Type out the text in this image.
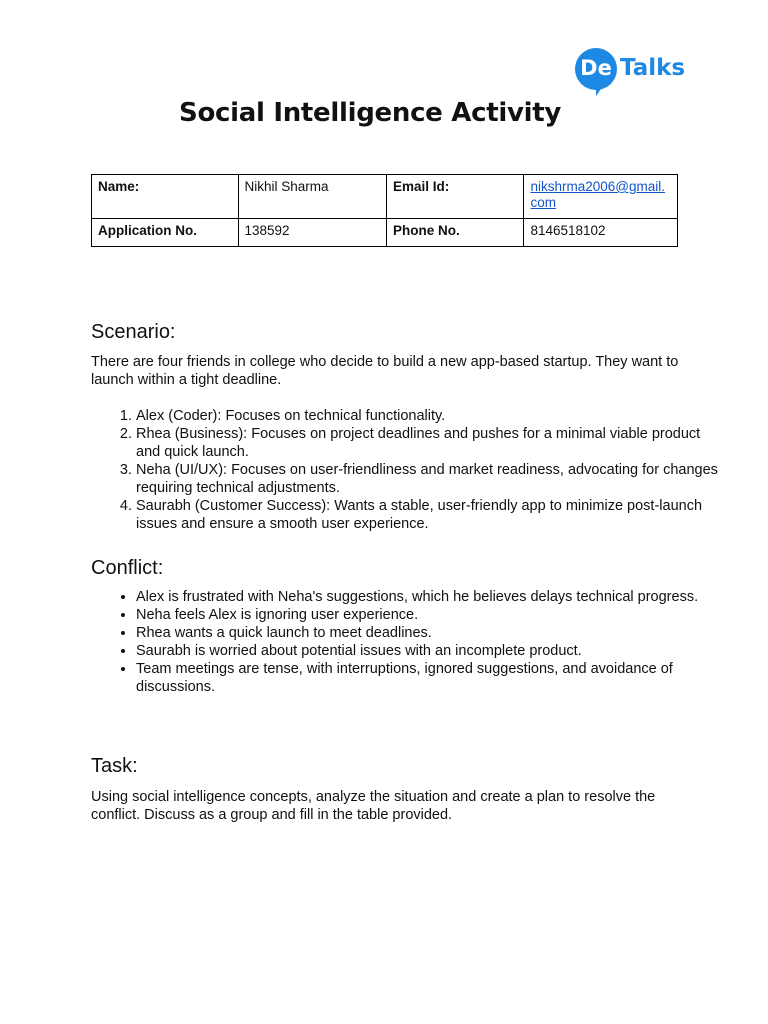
De Talks
Social Intelligence Activity
Name:	Nikhil Sharma	Email Id:	nikshrma2006@gmail.com
Application No.	138592	Phone No.	8146518102
Scenario:
There are four friends in college who decide to build a new app-based startup. They want to launch within a tight deadline.
1. Alex (Coder): Focuses on technical functionality.
2. Rhea (Business): Focuses on project deadlines and pushes for a minimal viable product and quick launch.
3. Neha (UI/UX): Focuses on user-friendliness and market readiness, advocating for changes requiring technical adjustments.
4. Saurabh (Customer Success): Wants a stable, user-friendly app to minimize post-launch issues and ensure a smooth user experience.
Conflict:
• Alex is frustrated with Neha's suggestions, which he believes delays technical progress.
• Neha feels Alex is ignoring user experience.
• Rhea wants a quick launch to meet deadlines.
• Saurabh is worried about potential issues with an incomplete product.
• Team meetings are tense, with interruptions, ignored suggestions, and avoidance of discussions.
Task:
Using social intelligence concepts, analyze the situation and create a plan to resolve the conflict. Discuss as a group and fill in the table provided.
